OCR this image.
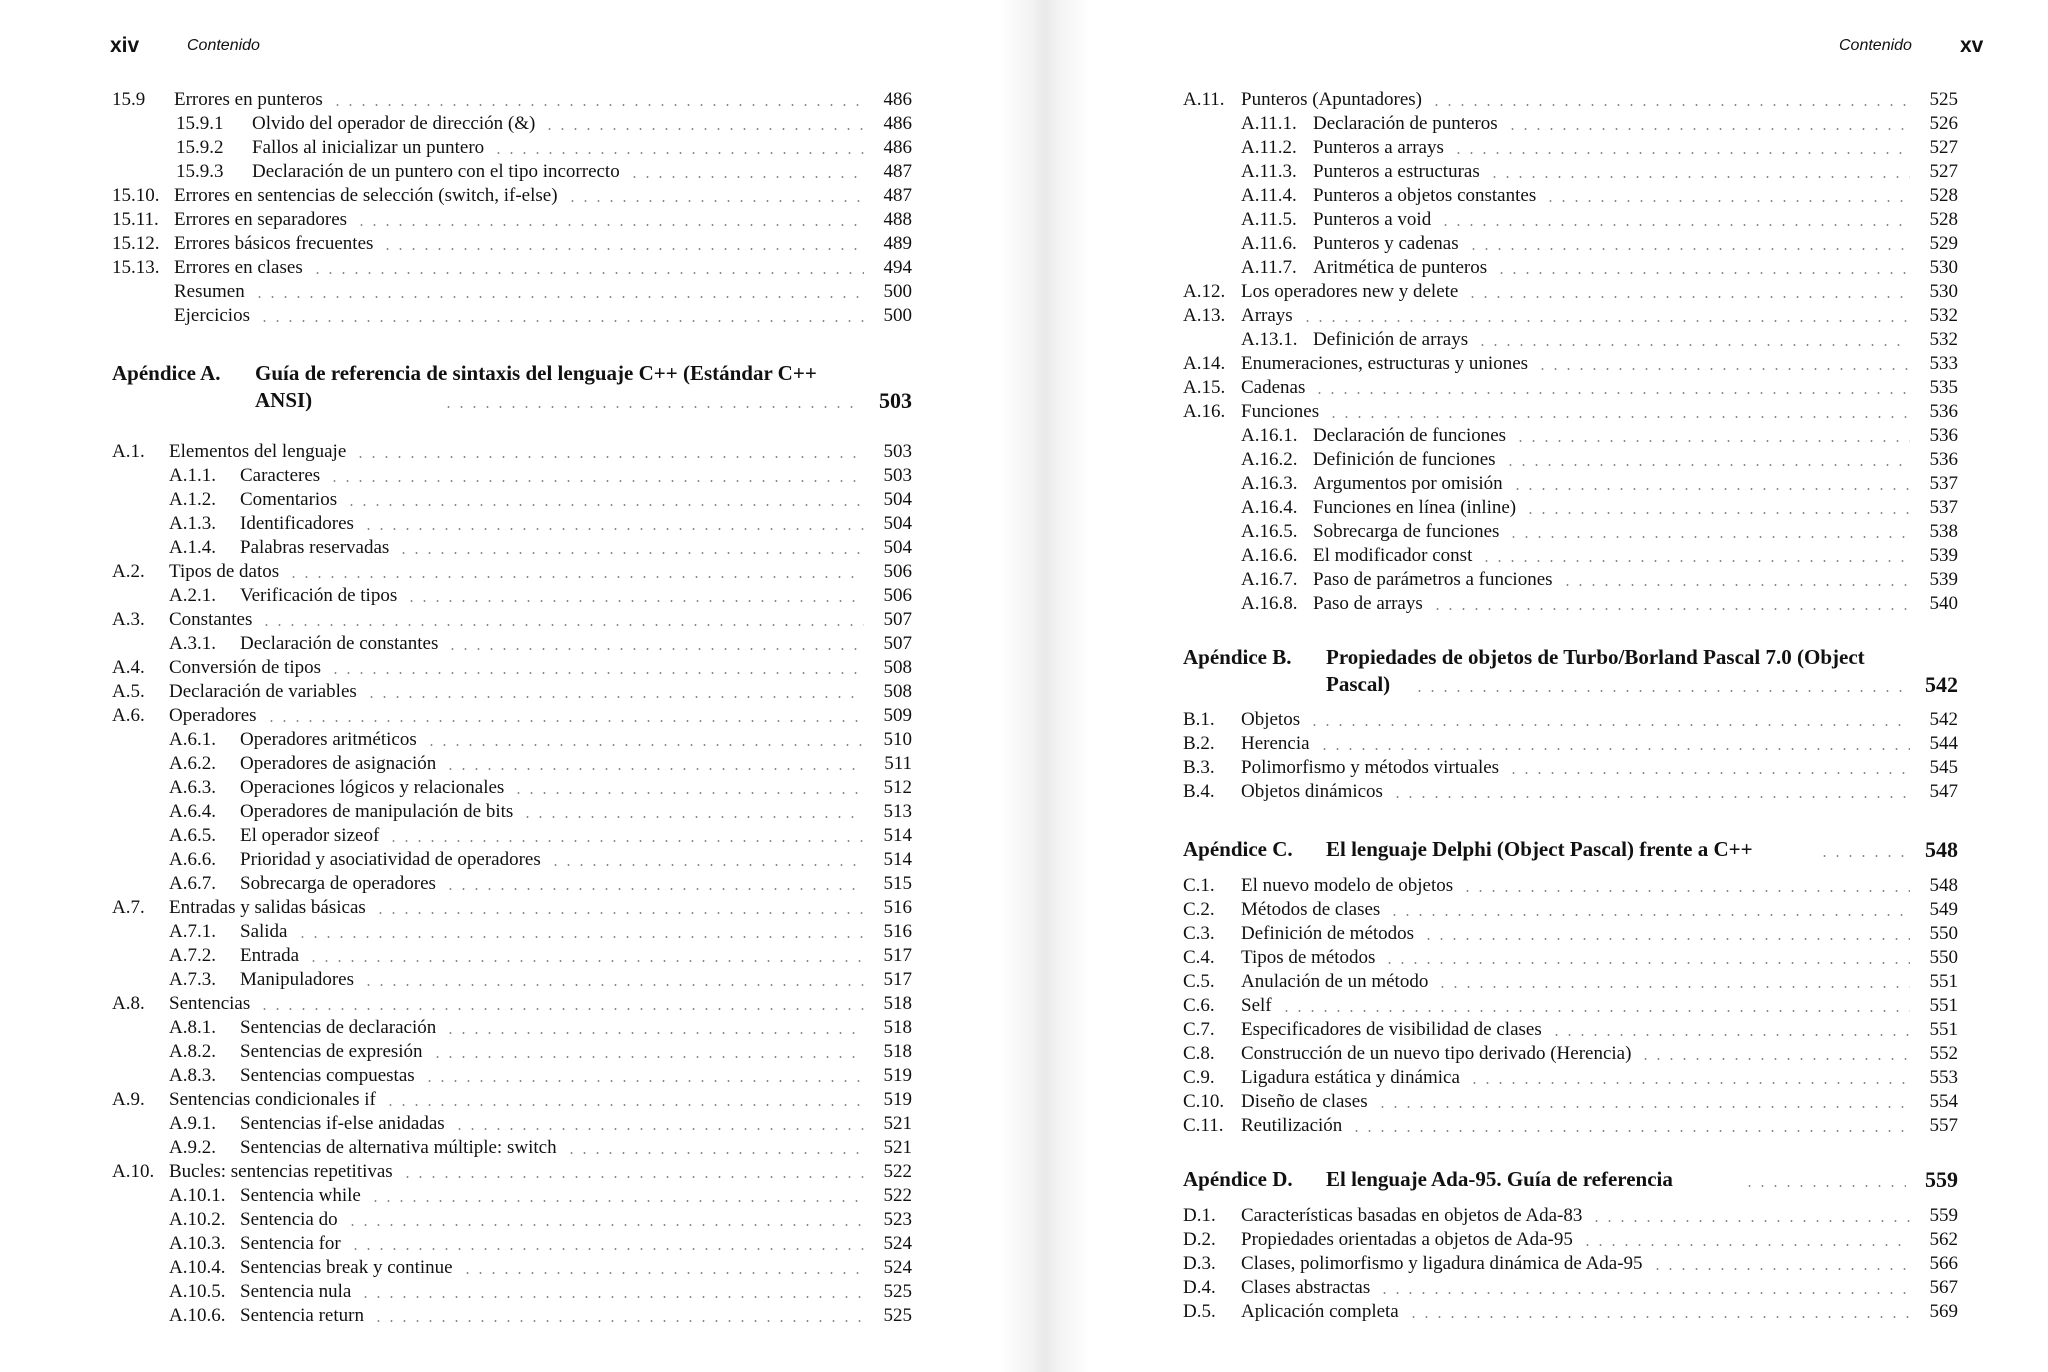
xiv	Contenido
15.9 Errores en punteros	486
15.9.1 Olvido del operador de dirección (&)	486
15.9.2 Fallos al inicializar un puntero	486
15.9.3 Declaración de un puntero con el tipo incorrecto	487
15.10. Errores en sentencias de selección (switch, if-else)	487
15.11. Errores en separadores	488
15.12. Errores básicos frecuentes	489
15.13. Errores en clases	494
Resumen	500
Ejercicios	500
Apéndice A. Guía de referencia de sintaxis del lenguaje C++ (Estándar C++ ANSI)	503
A.1. Elementos del lenguaje	503
A.1.1. Caracteres	503
A.1.2. Comentarios	504
A.1.3. Identificadores	504
A.1.4. Palabras reservadas	504
A.2. Tipos de datos	506
A.2.1. Verificación de tipos	506
A.3. Constantes	507
A.3.1. Declaración de constantes	507
A.4. Conversión de tipos	508
A.5. Declaración de variables	508
A.6. Operadores	509
A.6.1. Operadores aritméticos	510
A.6.2. Operadores de asignación	511
A.6.3. Operaciones lógicos y relacionales	512
A.6.4. Operadores de manipulación de bits	513
A.6.5. El operador sizeof	514
A.6.6. Prioridad y asociatividad de operadores	514
A.6.7. Sobrecarga de operadores	515
A.7. Entradas y salidas básicas	516
A.7.1. Salida	516
A.7.2. Entrada	517
A.7.3. Manipuladores	517
A.8. Sentencias	518
A.8.1. Sentencias de declaración	518
A.8.2. Sentencias de expresión	518
A.8.3. Sentencias compuestas	519
A.9. Sentencias condicionales if	519
A.9.1. Sentencias if-else anidadas	521
A.9.2. Sentencias de alternativa múltiple: switch	521
A.10. Bucles: sentencias repetitivas	522
A.10.1. Sentencia while	522
A.10.2. Sentencia do	523
A.10.3. Sentencia for	524
A.10.4. Sentencias break y continue	524
A.10.5. Sentencia nula	525
A.10.6. Sentencia return	525
Contenido xv
A.11. Punteros (Apuntadores)	525
A.11.1. Declaración de punteros	526
A.11.2. Punteros a arrays	527
A.11.3. Punteros a estructuras	527
A.11.4. Punteros a objetos constantes	528
A.11.5. Punteros a void	528
A.11.6. Punteros y cadenas	529
A.11.7. Aritmética de punteros	530
A.12. Los operadores new y delete	530
A.13. Arrays	532
A.13.1. Definición de arrays	532
A.14. Enumeraciones, estructuras y uniones	533
A.15. Cadenas	535
A.16. Funciones	536
A.16.1. Declaración de funciones	536
A.16.2. Definición de funciones	536
A.16.3. Argumentos por omisión	537
A.16.4. Funciones en línea (inline)	537
A.16.5. Sobrecarga de funciones	538
A.16.6. El modificador const	539
A.16.7. Paso de parámetros a funciones	539
A.16.8. Paso de arrays	540
Apéndice B. Propiedades de objetos de Turbo/Borland Pascal 7.0 (Object Pascal)	542
B.1. Objetos	542
B.2. Herencia	544
B.3. Polimorfismo y métodos virtuales	545
B.4. Objetos dinámicos	547
Apéndice C. El lenguaje Delphi (Object Pascal) frente a C++	548
C.1. El nuevo modelo de objetos	548
C.2. Métodos de clases	549
C.3. Definición de métodos	550
C.4. Tipos de métodos	550
C.5. Anulación de un método	551
C.6. Self	551
C.7. Especificadores de visibilidad de clases	551
C.8. Construcción de un nuevo tipo derivado (Herencia)	552
C.9. Ligadura estática y dinámica	553
C.10. Diseño de clases	554
C.11. Reutilización	557
Apéndice D. El lenguaje Ada-95. Guía de referencia	559
D.1. Características basadas en objetos de Ada-83	559
D.2. Propiedades orientadas a objetos de Ada-95	562
D.3. Clases, polimorfismo y ligadura dinámica de Ada-95	566
D.4. Clases abstractas	567
D.5. Aplicación completa	569
